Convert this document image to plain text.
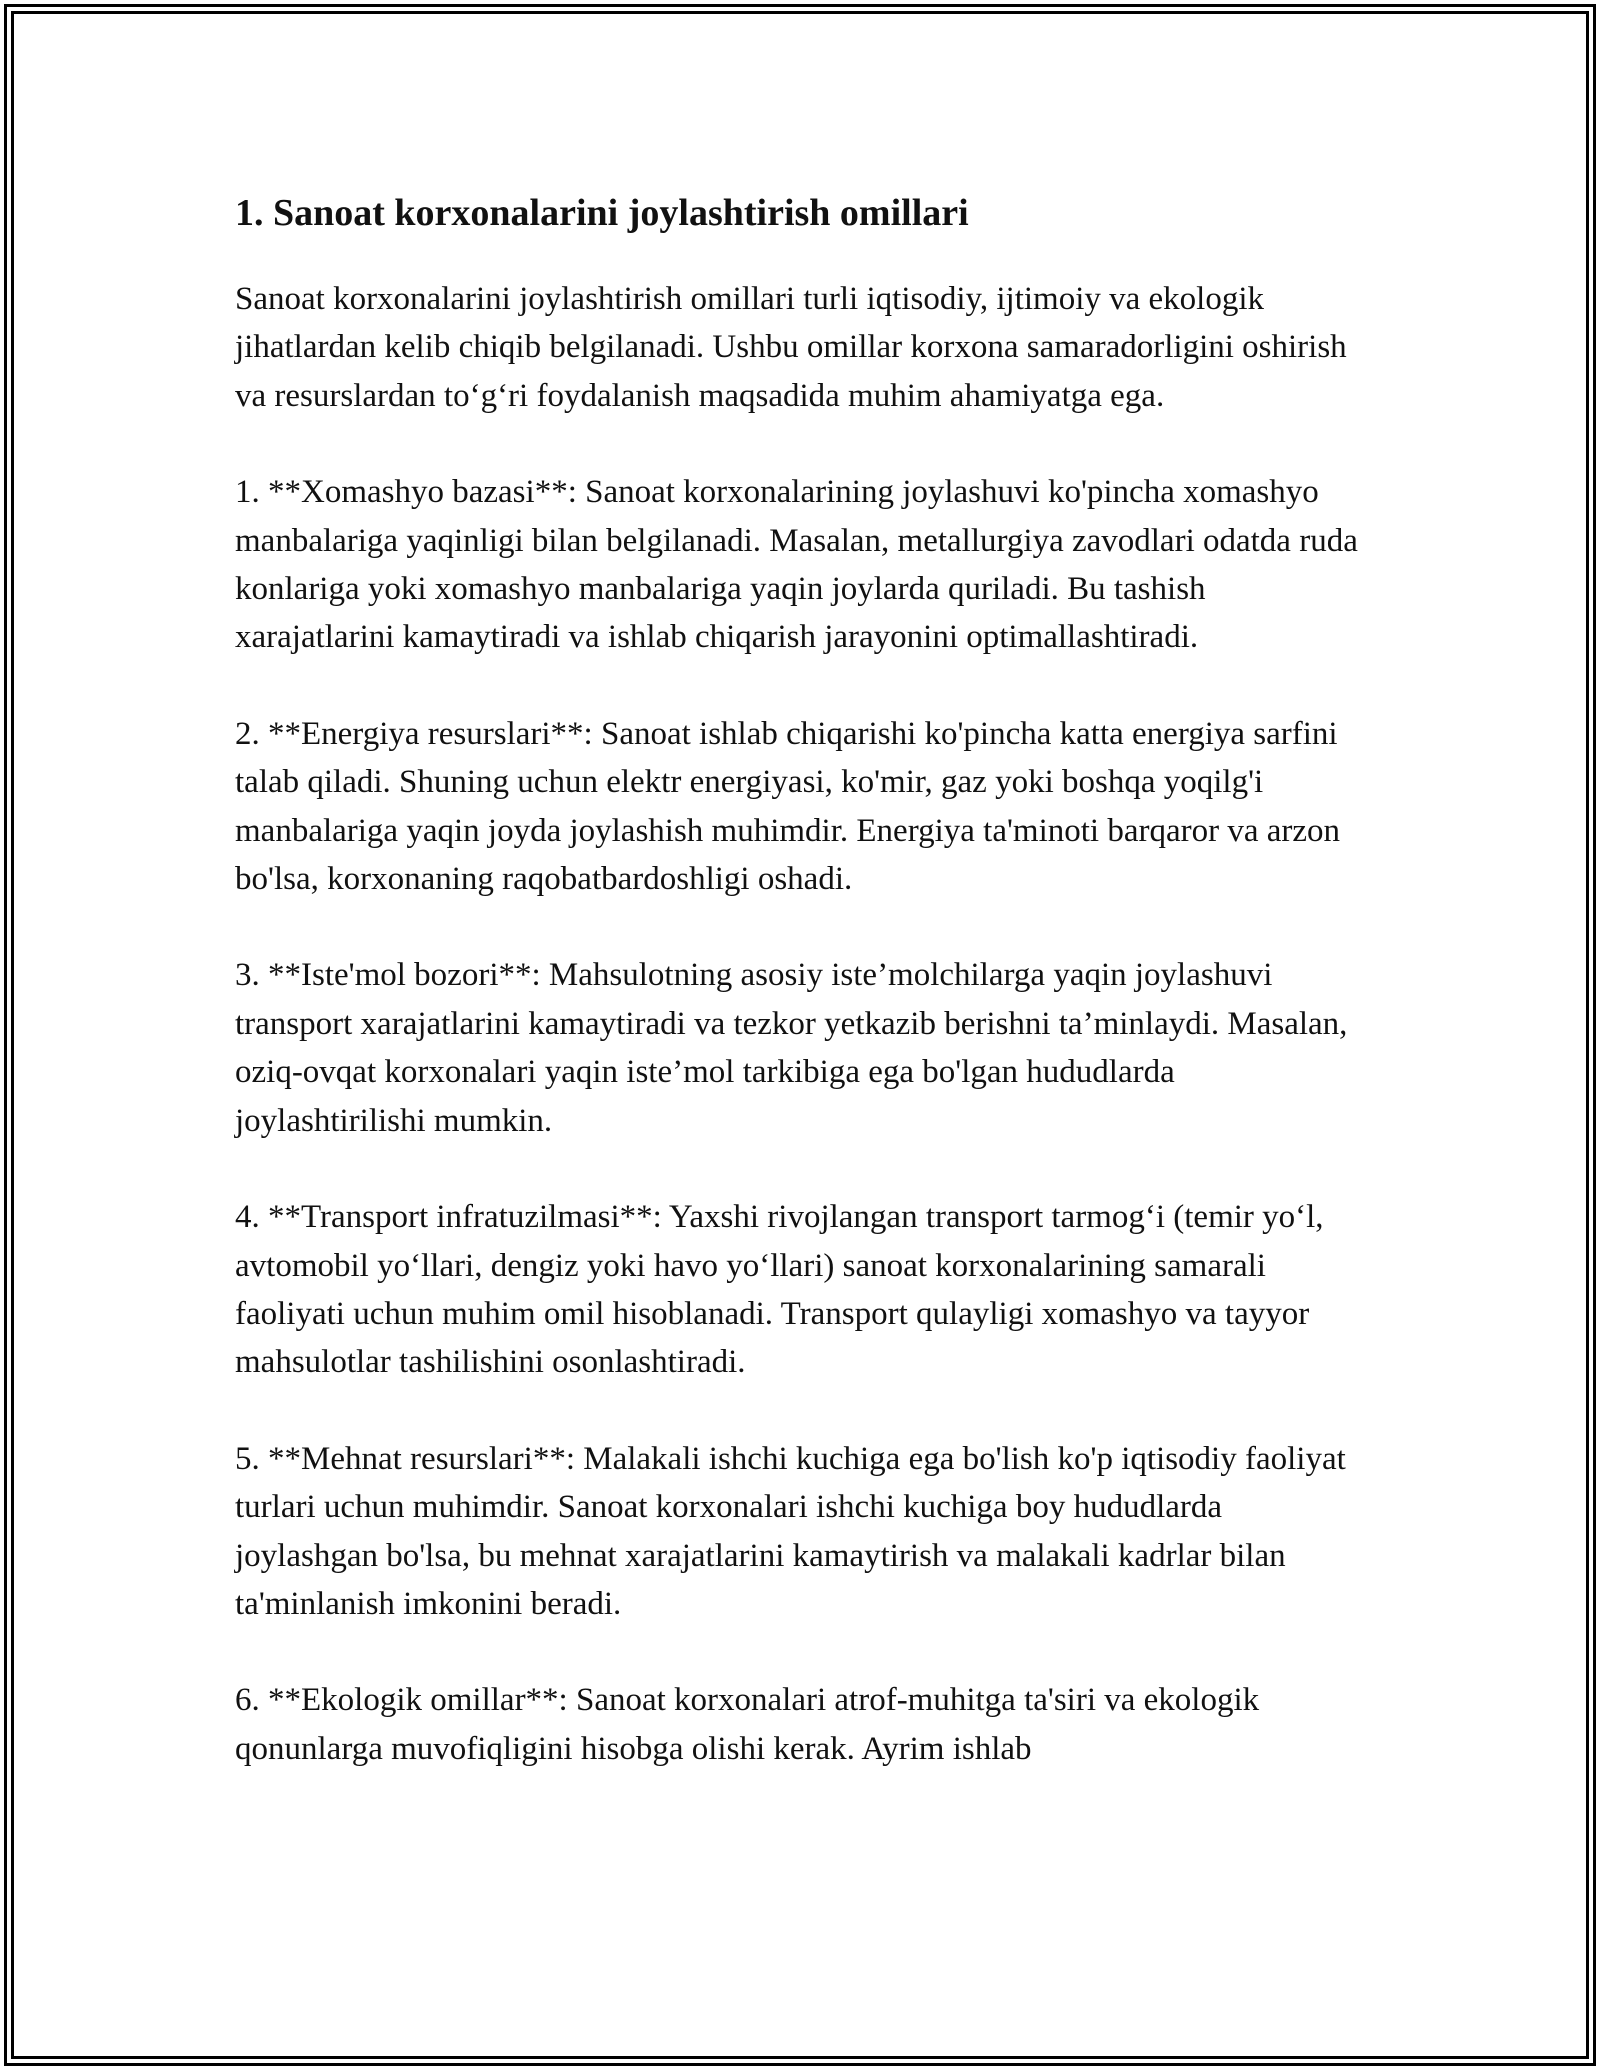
1. Sanoat korxonalarini joylashtirish omillari

Sanoat korxonalarini joylashtirish omillari turli iqtisodiy, ijtimoiy va ekologik jihatlardan kelib chiqib belgilanadi. Ushbu omillar korxona samaradorligini oshirish va resurslardan to‘g‘ri foydalanish maqsadida muhim ahamiyatga ega.

1. **Xomashyo bazasi**: Sanoat korxonalarining joylashuvi ko'pincha xomashyo manbalariga yaqinligi bilan belgilanadi. Masalan, metallurgiya zavodlari odatda ruda konlariga yoki xomashyo manbalariga yaqin joylarda quriladi. Bu tashish xarajatlarini kamaytiradi va ishlab chiqarish jarayonini optimallashtiradi.

2. **Energiya resurslari**: Sanoat ishlab chiqarishi ko'pincha katta energiya sarfini talab qiladi. Shuning uchun elektr energiyasi, ko'mir, gaz yoki boshqa yoqilg'i manbalariga yaqin joyda joylashish muhimdir. Energiya ta'minoti barqaror va arzon bo'lsa, korxonaning raqobatbardoshligi oshadi.

3. **Iste'mol bozori**: Mahsulotning asosiy iste’molchilarga yaqin joylashuvi transport xarajatlarini kamaytiradi va tezkor yetkazib berishni ta’minlaydi. Masalan, oziq-ovqat korxonalari yaqin iste’mol tarkibiga ega bo'lgan hududlarda joylashtirilishi mumkin.

4. **Transport infratuzilmasi**: Yaxshi rivojlangan transport tarmog‘i (temir yo‘l, avtomobil yo‘llari, dengiz yoki havo yo‘llari) sanoat korxonalarining samarali faoliyati uchun muhim omil hisoblanadi. Transport qulayligi xomashyo va tayyor mahsulotlar tashilishini osonlashtiradi.

5. **Mehnat resurslari**: Malakali ishchi kuchiga ega bo'lish ko'p iqtisodiy faoliyat turlari uchun muhimdir. Sanoat korxonalari ishchi kuchiga boy hududlarda joylashgan bo'lsa, bu mehnat xarajatlarini kamaytirish va malakali kadrlar bilan ta'minlanish imkonini beradi.

6. **Ekologik omillar**: Sanoat korxonalari atrof-muhitga ta'siri va ekologik qonunlarga muvofiqligini hisobga olishi kerak. Ayrim ishlab
